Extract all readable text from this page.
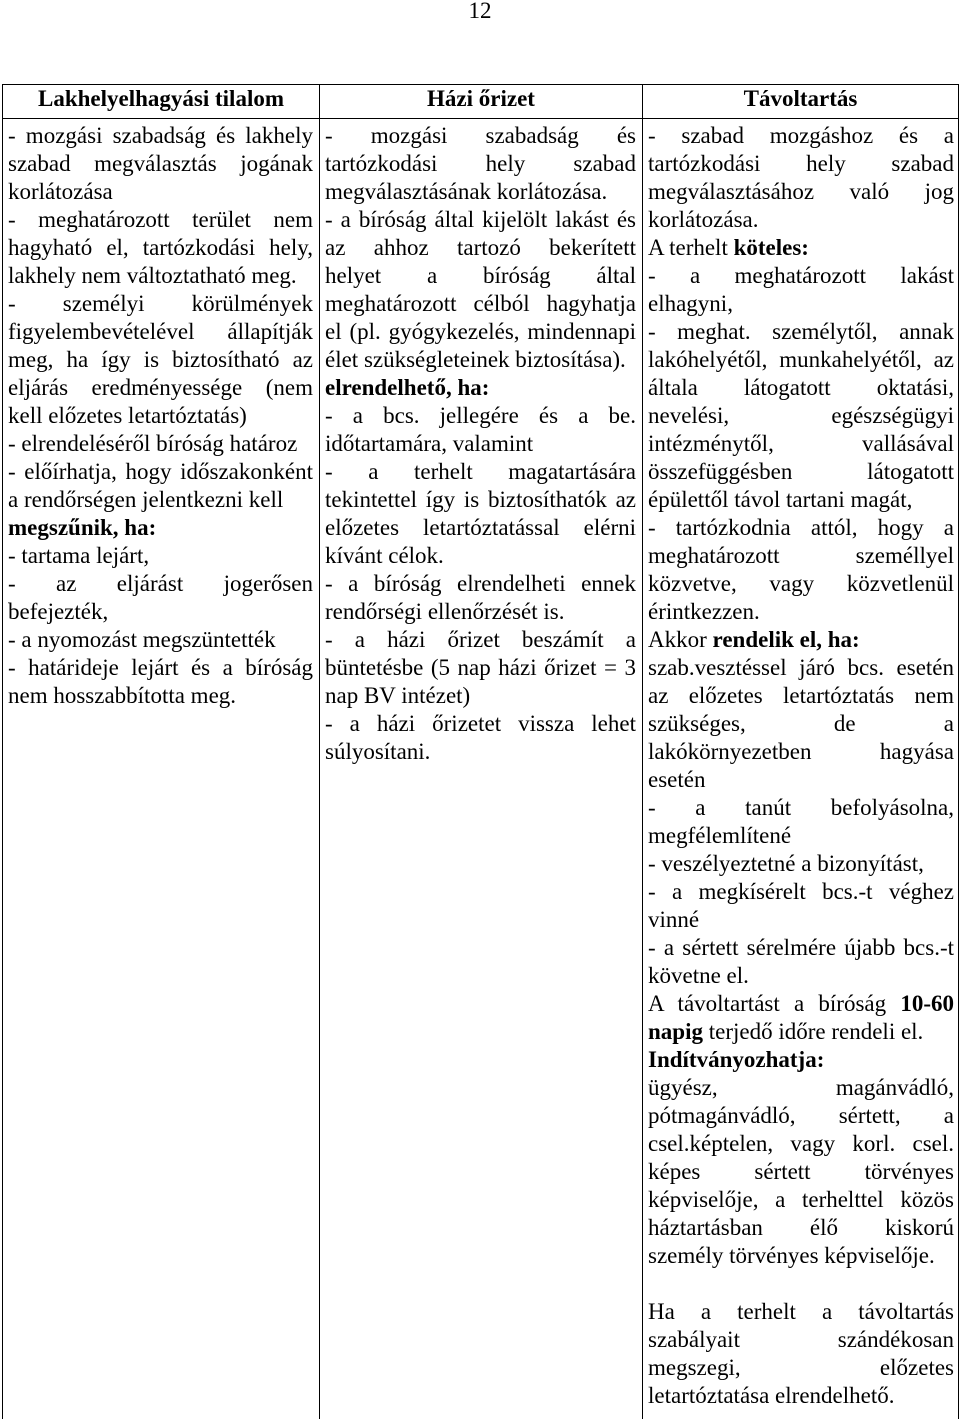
12
Lakhelyelhagyási tilalom	Házi őrizet	Távoltartás
- mozgási szabadság és lakhely
szabad megválasztás jogának
korlátozása
- meghatározott terület nem
hagyható el, tartózkodási hely,
lakhely nem változtatható meg.
- személyi körülmények
figyelembevételével állapítják
meg, ha így is biztosítható az
eljárás eredményessége (nem
kell előzetes letartóztatás)
- elrendeléséről bíróság határoz
- előírhatja, hogy időszakonként
a rendőrségen jelentkezni kell
megszűnik, ha:
- tartama lejárt,
- az eljárást jogerősen
befejezték,
- a nyomozást megszüntették
- határideje lejárt és a bíróság
nem hosszabbította meg.
- mozgási szabadság és
tartózkodási hely szabad
megválasztásának korlátozása.
- a bíróság által kijelölt lakást és
az ahhoz tartozó bekerített
helyet a bíróság által
meghatározott célból hagyhatja
el (pl. gyógykezelés, mindennapi
élet szükségleteinek biztosítása).
elrendelhető, ha:
- a bcs. jellegére és a be.
időtartamára, valamint
- a terhelt magatartására
tekintettel így is biztosíthatók az
előzetes letartóztatással elérni
kívánt célok.
- a bíróság elrendelheti ennek
rendőrségi ellenőrzését is.
- a házi őrizet beszámít a
büntetésbe (5 nap házi őrizet = 3
nap BV intézet)
- a házi őrizetet vissza lehet
súlyosítani.
- szabad mozgáshoz és a
tartózkodási hely szabad
megválasztásához való jog
korlátozása.
A terhelt köteles:
- a meghatározott lakást
elhagyni,
- meghat. személytől, annak
lakóhelyétől, munkahelyétől, az
általa látogatott oktatási,
nevelési, egészségügyi
intézménytől, vallásával
összefüggésben látogatott
épülettől távol tartani magát,
- tartózkodnia attól, hogy a
meghatározott személlyel
közvetve, vagy közvetlenül
érintkezzen.
Akkor rendelik el, ha:
szab.vesztéssel járó bcs. esetén
az előzetes letartóztatás nem
szükséges, de a
lakókörnyezetben hagyása
esetén
- a tanút befolyásolna,
megfélemlítené
- veszélyeztetné a bizonyítást,
- a megkísérelt bcs.-t véghez
vinné
- a sértett sérelmére újabb bcs.-t
követne el.
A távoltartást a bíróság 10-60
napig terjedő időre rendeli el.
Indítványozhatja:
ügyész, magánvádló,
pótmagánvádló, sértett, a
csel.képtelen, vagy korl. csel.
képes sértett törvényes
képviselője, a terhelttel közös
háztartásban élő kiskorú
személy törvényes képviselője.
Ha a terhelt a távoltartás
szabályait szándékosan
megszegi, előzetes
letartóztatása elrendelhető.
